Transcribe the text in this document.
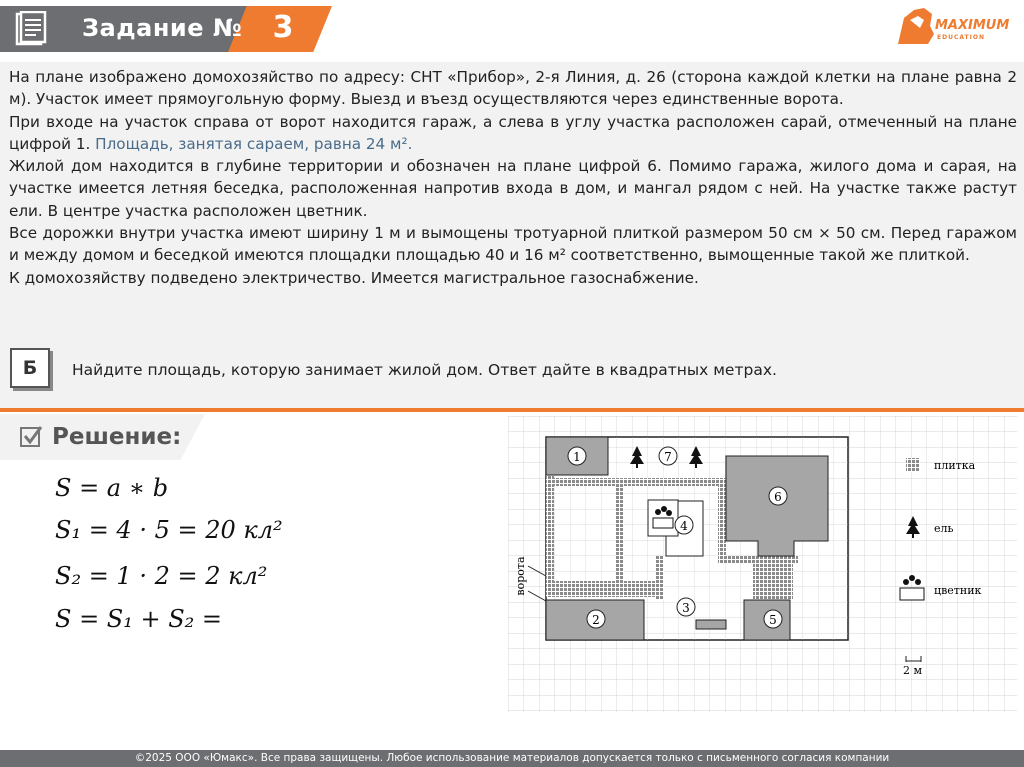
Задание №	3	MAXIMUM
EDUCATION

На плане изображено домохозяйство по адресу: СНТ «Прибор», 2-я Линия, д. 26 (сторона каждой клетки на плане равна 2 м). Участок имеет прямоугольную форму. Выезд и въезд осуществляются через единственные ворота.

При входе на участок справа от ворот находится гараж, а слева в углу участка расположен сарай, отмеченный на плане цифрой 1. Площадь, занятая сараем, равна 24 м².

Жилой дом находится в глубине территории и обозначен на плане цифрой 6. Помимо гаража, жилого дома и сарая, на участке имеется летняя беседка, расположенная напротив входа в дом, и мангал рядом с ней. На участке также растут ели. В центре участка расположен цветник.

Все дорожки внутри участка имеют ширину 1 м и вымощены тротуарной плиткой размером 50 см × 50 см. Перед гаражом и между домом и беседкой имеются площадки площадью 40 и 16 м² соответственно, вымощенные такой же плиткой.

К домохозяйству подведено электричество. Имеется магистральное газоснабжение.

Б	Найдите площадь, которую занимает жилой дом. Ответ дайте в квадратных метрах.
Решение:
S = a ∗ b
S₁ = 4 · 5 = 20 кл²
S₂ = 1 · 2 = 2 кл²
S = S₁ + S₂ =
1	7
6
4
2
3
5
ворота
плитка
ель
цветник
2 м
©2025 ООО «Юмакс». Все права защищены. Любое использование материалов допускается только с письменного согласия компании
